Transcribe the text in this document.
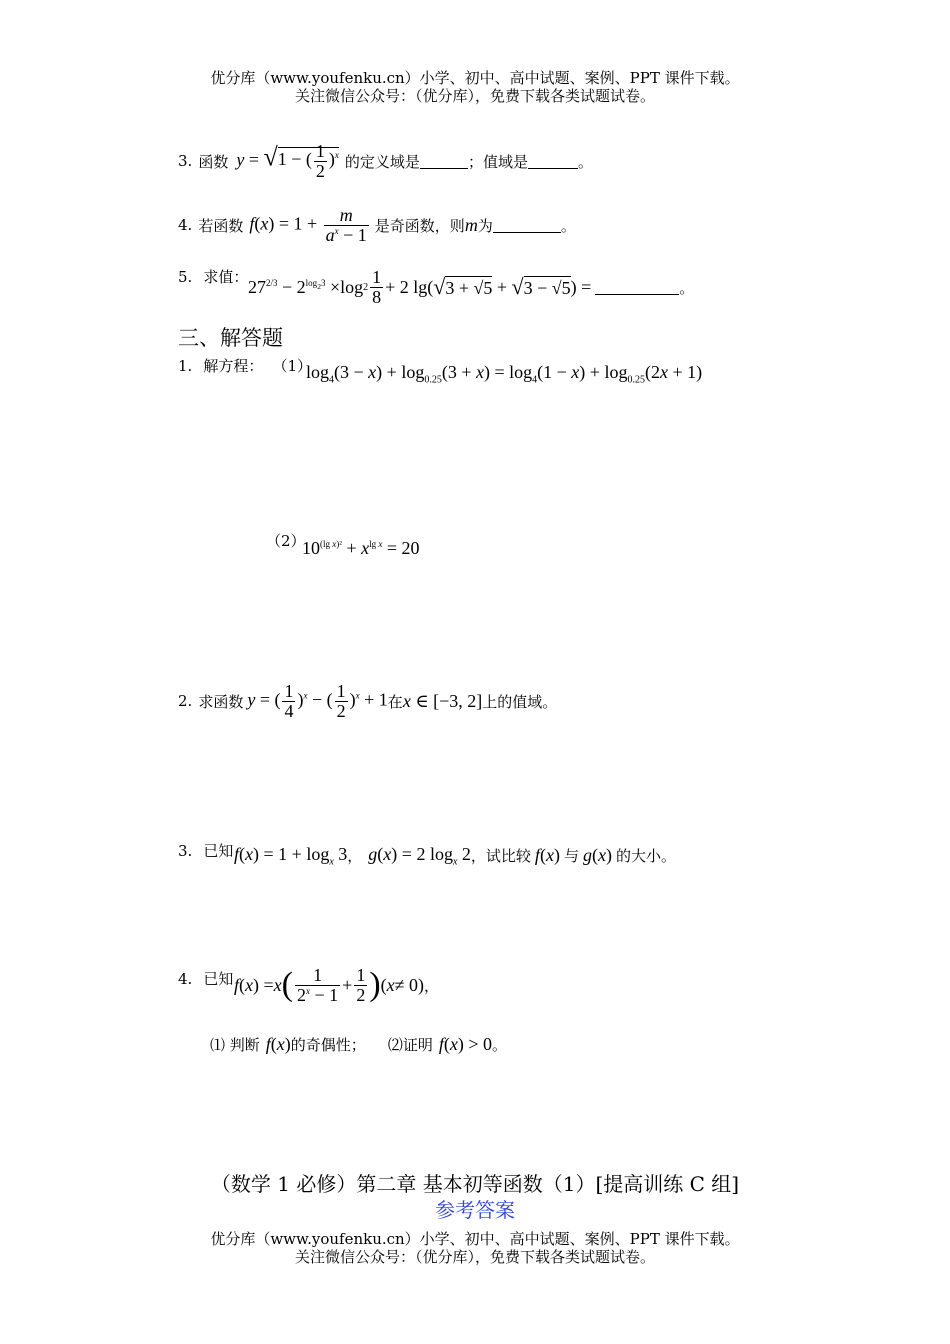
优分库（www.youfenku.cn）小学、初中、高中试题、案例、PPT 课件下载。
关注微信公众号：（优分库），免费下载各类试题试卷。
3. 函数 y = √1 − ( $\frac{1}{2} )^x$ 的定义域是	；值域是	。
4. 若函数 $f(x) = 1 + \frac{m}{a^x - 1}$ 是奇函数，则 m 为	。
5. 求值： $27^{2/3} - 2^{log_23} \times\log$ $2 \frac{1}{8} + 2$ lg( √ 3 + √5 + √ 3 − √5 ) =	。
三、解答题
1. 解方程： （1）
$\log_4(3 - x) + \log_{0.25}(3 + x) = \log_4(1 - x) + \log_{0.25}(2x + 1)$
（2）
$10^{(lg x)^2} + x^{lg x} = 20$
2. 求函数 y = ( $\frac{1}{4} )^x$ − ( $\frac{1}{2} )^x + 1$ 在 x ∈ [−3, 2] 上的值域。
3. 已知 $f(x) = 1 + \log_x 3$ ， g(x) = 2 $\log_x 2$ ，试比较 f(x) 与 g(x) 的大小。
4. 已知 f ( x ) = x ( $\frac{1}{2^x - 1} + \frac{1}{2}$ ) ( x ≠ 0) ，
⑴ 判断 f(x) 的奇偶性； ⑵证明 f(x) > 0 。
（数学 1 必修）第二章 基本初等函数（1）[提高训练 C 组]
参考答案
优分库（www.youfenku.cn）小学、初中、高中试题、案例、PPT 课件下载。
关注微信公众号：（优分库），免费下载各类试题试卷。
